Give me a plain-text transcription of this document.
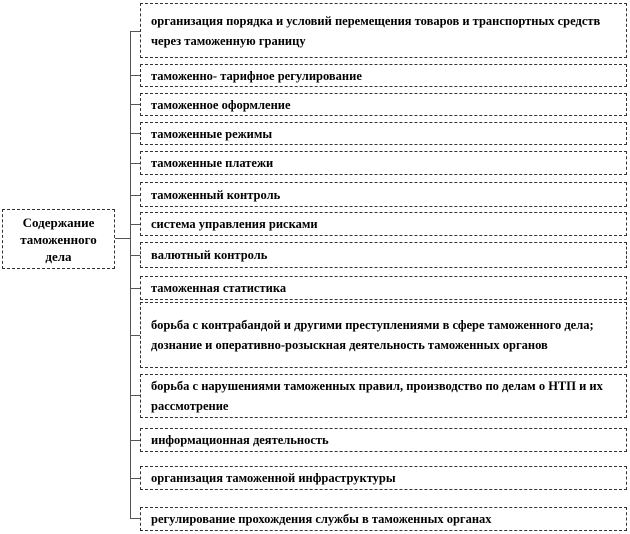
Содержание таможенного дела
организация порядка и условий перемещения товаров и транспортных средств через таможенную границу
таможенно- тарифное регулирование
таможенное оформление
таможенные режимы
таможенные платежи
таможенный контроль
система управления рисками
валютный контроль
таможенная статистика
борьба с контрабандой и другими преступлениями в сфере таможенного дела; дознание и оперативно-розыскная деятельность таможенных органов
борьба с нарушениями таможенных правил, производство по делам о НТП и их рассмотрение
информационная деятельность
организация таможенной инфраструктуры
регулирование прохождения службы в таможенных органах
